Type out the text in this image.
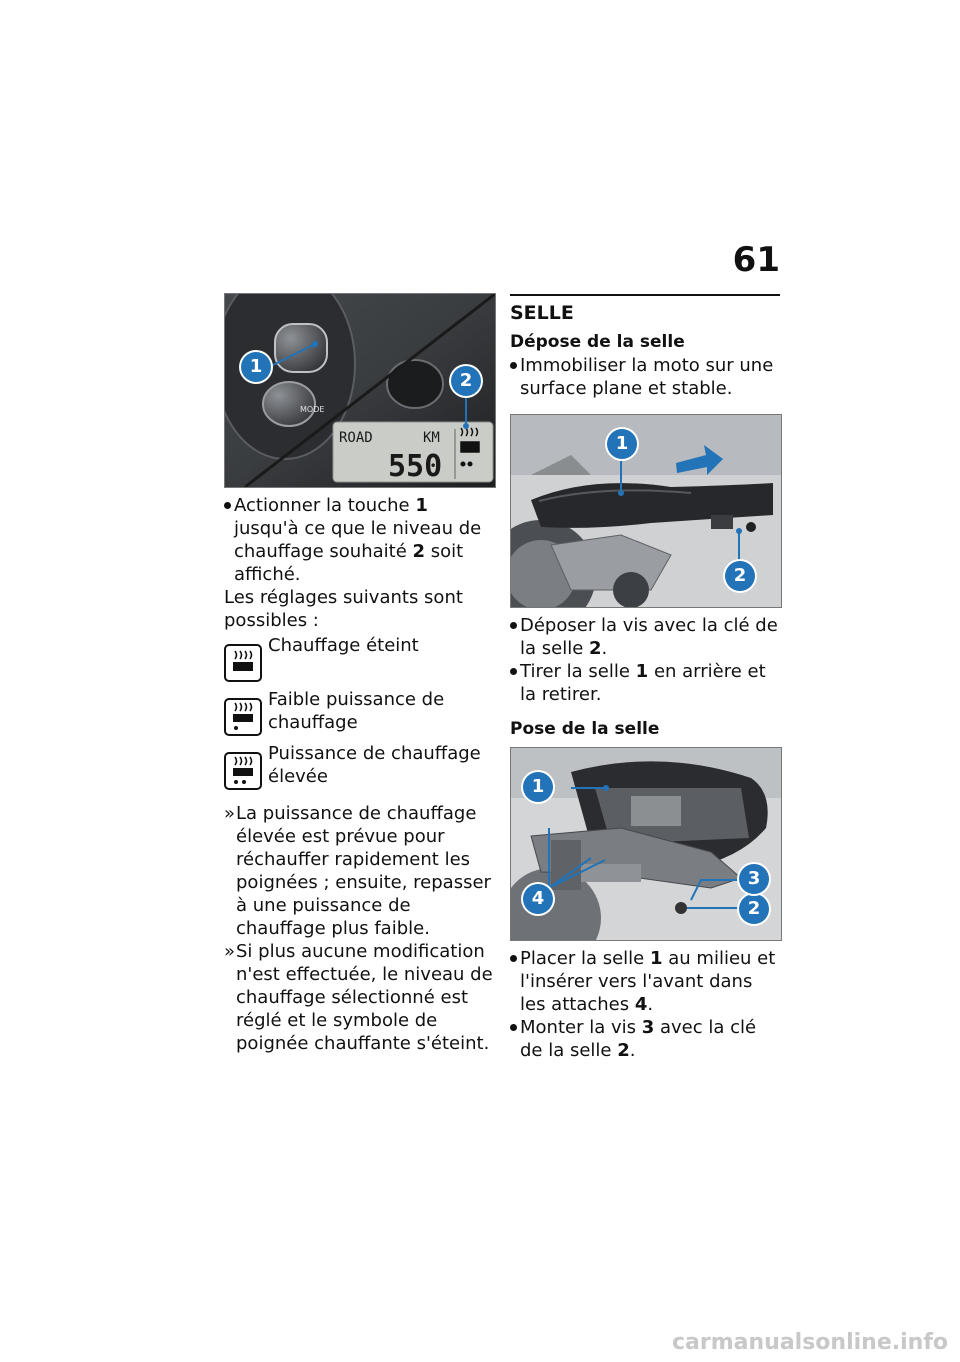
61
ROAD	KM
550
MODE
1
2

Actionner la touche 1 jusqu'à ce que le niveau de chauffage souhaité 2 soit affiché.

Les réglages suivants sont possibles :

Chauffage éteint
Faible puissance de chauffage
Puissance de chauffage élevée

» La puissance de chauffage élevée est prévue pour réchauffer rapidement les poignées ; ensuite, repasser à une puissance de chauffage plus faible.

» Si plus aucune modification n'est effectuée, le niveau de chauffage sélectionné est réglé et le symbole de poignée chauffante s'éteint.

SELLE
Dépose de la selle

Immobiliser la moto sur une surface plane et stable.

1
2

Déposer la vis avec la clé de la selle 2.

Tirer la selle 1 en arrière et la retirer.

Pose de la selle
1
2
3
4

Placer la selle 1 au milieu et l'insérer vers l'avant dans les attaches 4.

Monter la vis 3 avec la clé de la selle 2.

carmanualsonline.info
